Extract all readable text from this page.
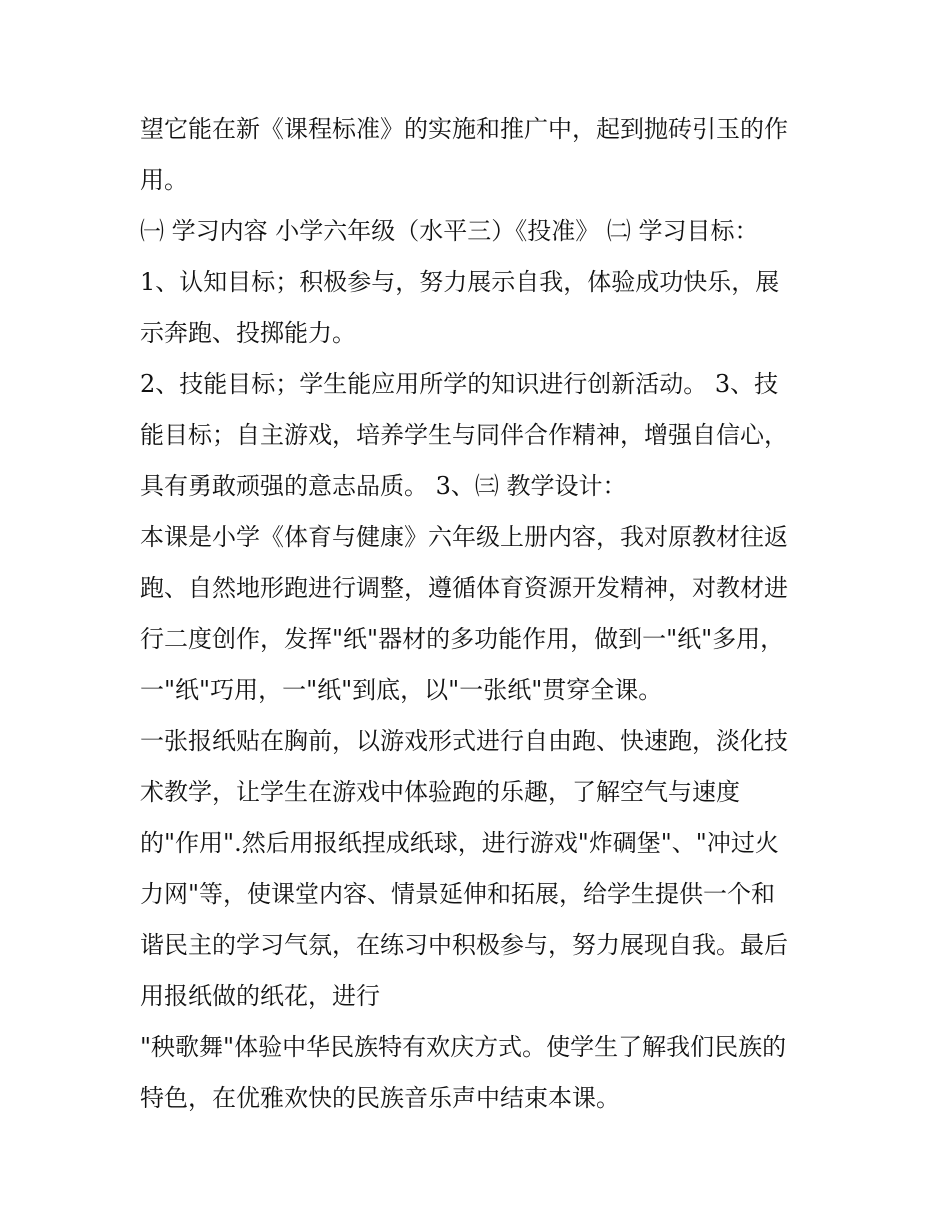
望它能在新《课程标准》的实施和推广中，起到抛砖引玉的作
用。
㈠ 学习内容 小学六年级（水平三）《投准》 ㈡ 学习目标：
1、认知目标；积极参与，努力展示自我，体验成功快乐，展
示奔跑、投掷能力。
2、技能目标；学生能应用所学的知识进行创新活动。 3、技
能目标；自主游戏，培养学生与同伴合作精神，增强自信心，
具有勇敢顽强的意志品质。 3、㈢ 教学设计：
本课是小学《体育与健康》六年级上册内容，我对原教材往返
跑、自然地形跑进行调整，遵循体育资源开发精神，对教材进
行二度创作，发挥"纸"器材的多功能作用，做到一"纸"多用，
一"纸"巧用，一"纸"到底，以"一张纸"贯穿全课。
一张报纸贴在胸前，以游戏形式进行自由跑、快速跑，淡化技
术教学，让学生在游戏中体验跑的乐趣，了解空气与速度
的"作用".然后用报纸捏成纸球，进行游戏"炸碉堡"、"冲过火
力网"等，使课堂内容、情景延伸和拓展，给学生提供一个和
谐民主的学习气氛，在练习中积极参与，努力展现自我。最后
用报纸做的纸花，进行
"秧歌舞"体验中华民族特有欢庆方式。使学生了解我们民族的
特色，在优雅欢快的民族音乐声中结束本课。
